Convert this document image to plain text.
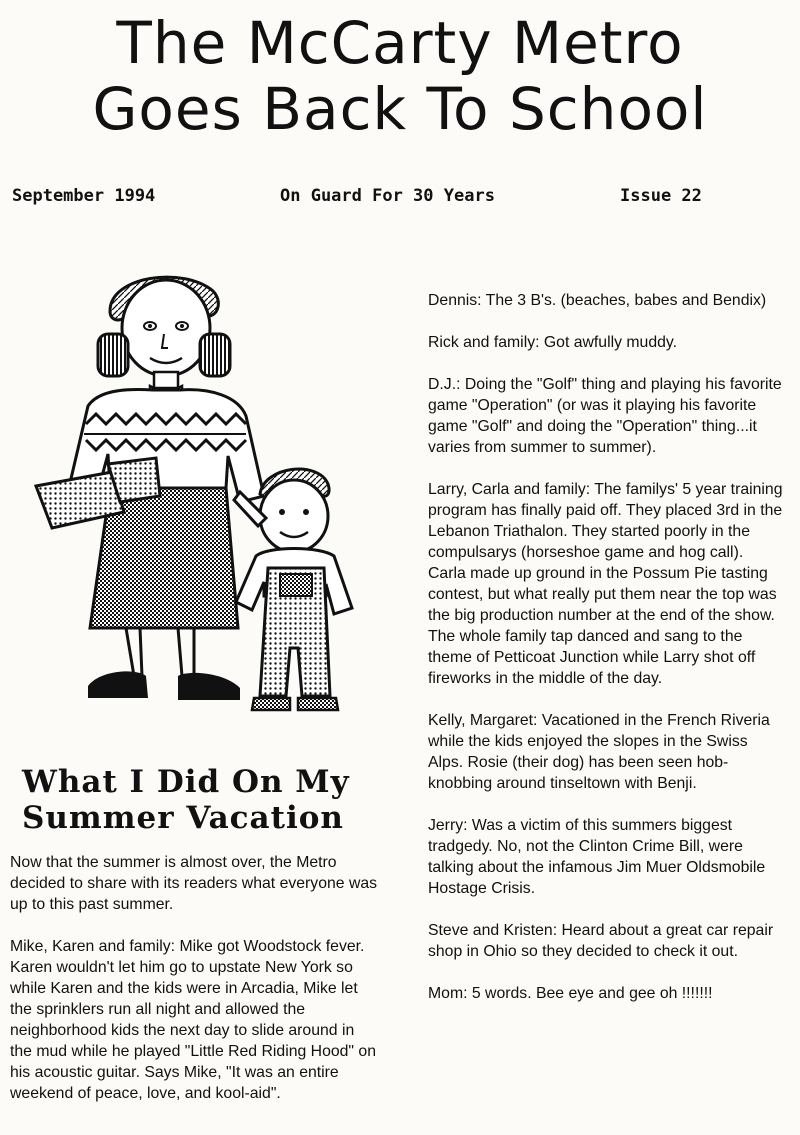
The McCarty Metro
Goes Back To School
September 1994	On Guard For 30 Years	Issue 22
What I Did On My
Summer Vacation

Now that the summer is almost over, the Metro decided to share with its readers what everyone was up to this past summer.

Mike, Karen and family: Mike got Woodstock fever. Karen wouldn't let him go to upstate New York so while Karen and the kids were in Arcadia, Mike let the sprinklers run all night and allowed the neighborhood kids the next day to slide around in the mud while he played "Little Red Riding Hood" on his acoustic guitar. Says Mike, "It was an entire weekend of peace, love, and kool-aid".

Dennis: The 3 B's. (beaches, babes and Bendix)

Rick and family: Got awfully muddy.

D.J.: Doing the "Golf" thing and playing his favorite game "Operation" (or was it playing his favorite game "Golf" and doing the "Operation" thing...it varies from summer to summer).

Larry, Carla and family: The familys' 5 year training program has finally paid off. They placed 3rd in the Lebanon Triathalon. They started poorly in the compulsarys (horseshoe game and hog call). Carla made up ground in the Possum Pie tasting contest, but what really put them near the top was the big production number at the end of the show. The whole family tap danced and sang to the theme of Petticoat Junction while Larry shot off fireworks in the middle of the day.

Kelly, Margaret: Vacationed in the French Riveria while the kids enjoyed the slopes in the Swiss Alps. Rosie (their dog) has been seen hob-knobbing around tinseltown with Benji.

Jerry: Was a victim of this summers biggest tradgedy. No, not the Clinton Crime Bill, were talking about the infamous Jim Muer Oldsmobile Hostage Crisis.

Steve and Kristen: Heard about a great car repair shop in Ohio so they decided to check it out.

Mom: 5 words. Bee eye and gee oh !!!!!!!
